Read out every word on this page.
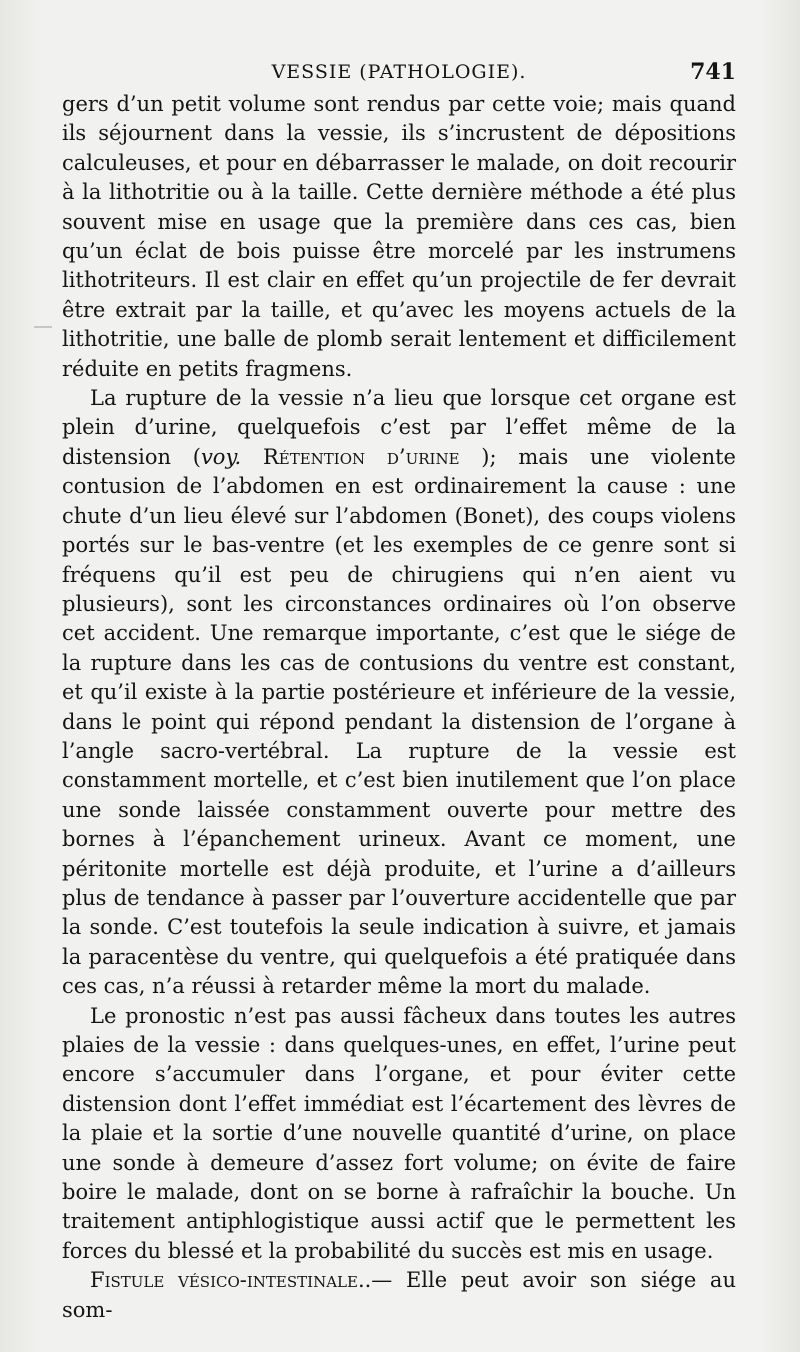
VESSIE (PATHOLOGIE).	741

gers d’un petit volume sont rendus par cette voie; mais quand ils séjournent dans la vessie, ils s’incrustent de dépositions calculeuses, et pour en débarrasser le malade, on doit recourir à la lithotritie ou à la taille. Cette dernière méthode a été plus souvent mise en usage que la première dans ces cas, bien qu’un éclat de bois puisse être morcelé par les instrumens lithotriteurs. Il est clair en effet qu’un projectile de fer devrait être extrait par la taille, et qu’avec les moyens actuels de la lithotritie, une balle de plomb serait lentement et difficilement réduite en petits fragmens.

La rupture de la vessie n’a lieu que lorsque cet organe est plein d’urine, quelquefois c’est par l’effet même de la distension (voy. Rétention d’urine ); mais une violente contusion de l’abdomen en est ordinairement la cause : une chute d’un lieu élevé sur l’abdomen (Bonet), des coups violens portés sur le bas-ventre (et les exemples de ce genre sont si fréquens qu’il est peu de chirugiens qui n’en aient vu plusieurs), sont les circonstances ordinaires où l’on observe cet accident. Une remarque importante, c’est que le siége de la rupture dans les cas de contusions du ventre est constant, et qu’il existe à la partie postérieure et inférieure de la vessie, dans le point qui répond pendant la distension de l’organe à l’angle sacro-vertébral. La rupture de la vessie est constamment mortelle, et c’est bien inutilement que l’on place une sonde laissée constamment ouverte pour mettre des bornes à l’épanchement urineux. Avant ce moment, une péritonite mortelle est déjà produite, et l’urine a d’ailleurs plus de tendance à passer par l’ouverture accidentelle que par la sonde. C’est toutefois la seule indication à suivre, et jamais la paracentèse du ventre, qui quelquefois a été pratiquée dans ces cas, n’a réussi à retarder même la mort du malade.

Le pronostic n’est pas aussi fâcheux dans toutes les autres plaies de la vessie : dans quelques-unes, en effet, l’urine peut encore s’accumuler dans l’organe, et pour éviter cette distension dont l’effet immédiat est l’écartement des lèvres de la plaie et la sortie d’une nouvelle quantité d’urine, on place une sonde à demeure d’assez fort volume; on évite de faire boire le malade, dont on se borne à rafraîchir la bouche. Un traitement antiphlogistique aussi actif que le permettent les forces du blessé et la probabilité du succès est mis en usage.

Fistule vésico-intestinale..— Elle peut avoir son siége au som-
